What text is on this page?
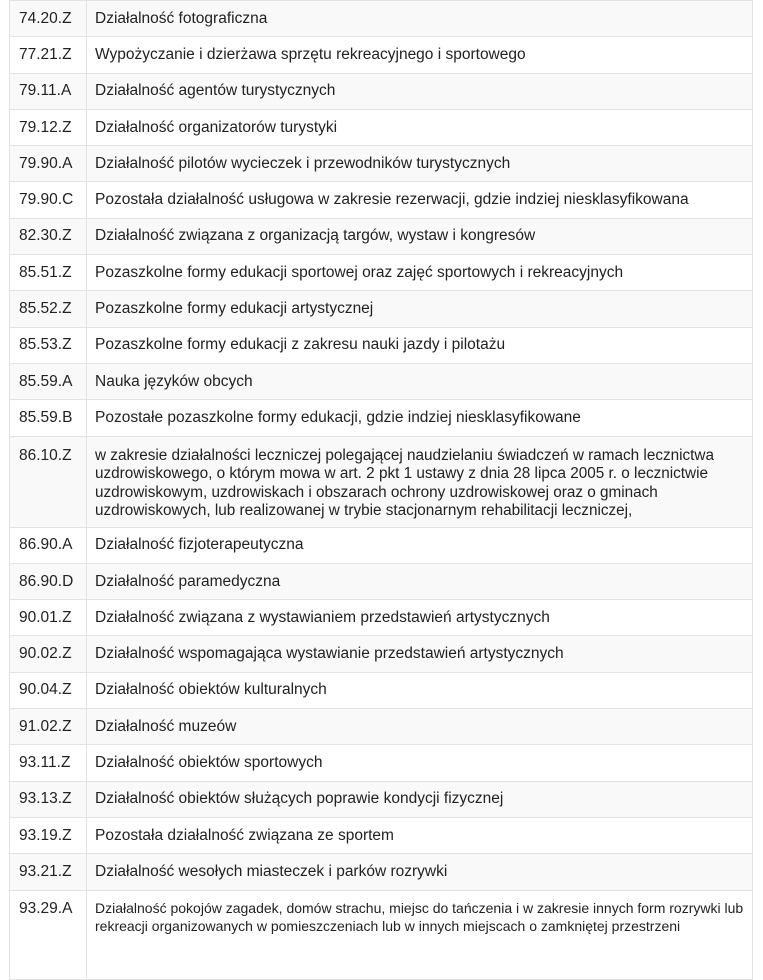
74.20.Z	Działalność fotograficzna
77.21.Z	Wypożyczanie i dzierżawa sprzętu rekreacyjnego i sportowego
79.11.A	Działalność agentów turystycznych
79.12.Z	Działalność organizatorów turystyki
79.90.A	Działalność pilotów wycieczek i przewodników turystycznych
79.90.C	Pozostała działalność usługowa w zakresie rezerwacji, gdzie indziej niesklasyfikowana
82.30.Z	Działalność związana z organizacją targów, wystaw i kongresów
85.51.Z	Pozaszkolne formy edukacji sportowej oraz zajęć sportowych i rekreacyjnych
85.52.Z	Pozaszkolne formy edukacji artystycznej
85.53.Z	Pozaszkolne formy edukacji z zakresu nauki jazdy i pilotażu
85.59.A	Nauka języków obcych
85.59.B	Pozostałe pozaszkolne formy edukacji, gdzie indziej niesklasyfikowane
86.10.Z	w zakresie działalności leczniczej polegającej naudzielaniu świadczeń w ramach lecznictwa uzdrowiskowego, o którym mowa w art. 2 pkt 1 ustawy z dnia 28 lipca 2005 r. o lecznictwie uzdrowiskowym, uzdrowiskach i obszarach ochrony uzdrowiskowej oraz o gminach uzdrowiskowych, lub realizowanej w trybie stacjonarnym rehabilitacji leczniczej,
86.90.A	Działalność fizjoterapeutyczna
86.90.D	Działalność paramedyczna
90.01.Z	Działalność związana z wystawianiem przedstawień artystycznych
90.02.Z	Działalność wspomagająca wystawianie przedstawień artystycznych
90.04.Z	Działalność obiektów kulturalnych
91.02.Z	Działalność muzeów
93.11.Z	Działalność obiektów sportowych
93.13.Z	Działalność obiektów służących poprawie kondycji fizycznej
93.19.Z	Pozostała działalność związana ze sportem
93.21.Z	Działalność wesołych miasteczek i parków rozrywki
93.29.A	Działalność pokojów zagadek, domów strachu, miejsc do tańczenia i w zakresie innych form rozrywki lub rekreacji organizowanych w pomieszczeniach lub w innych miejscach o zamkniętej przestrzeni
